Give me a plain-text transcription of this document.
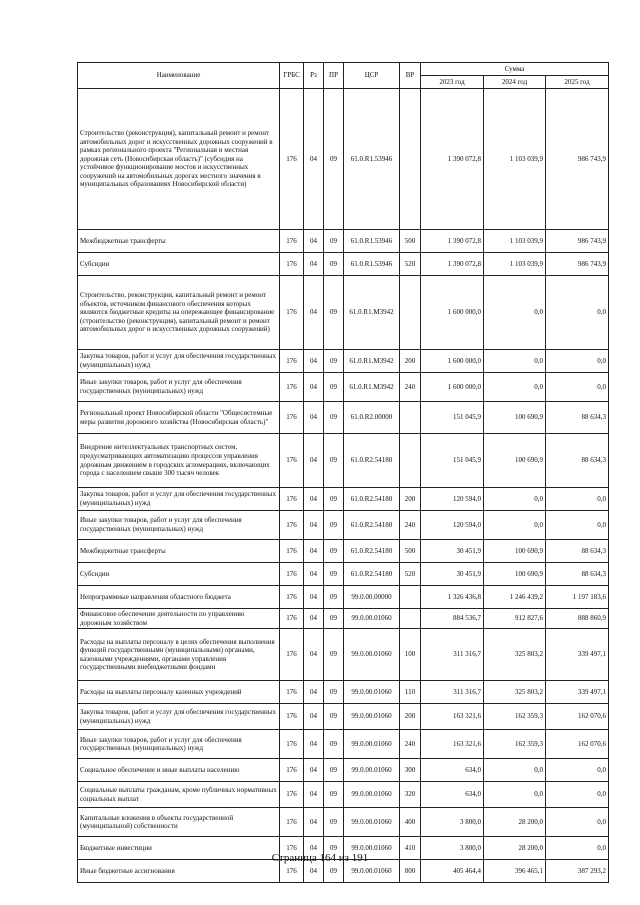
Наименование	ГРБС	Рз	ПР	ЦСР	ВР	Сумма		
						2023 год	2024 год	2025 год
Строительство (реконструкция), капитальный ремонт и ремонт автомобильных дорог и искусственных дорожных сооружений в рамках регионального проекта "Региональная и местная дорожная сеть (Новосибирская область)" (субсидия на устойчивое функционирование мостов и искусственных сооружений на автомобильных дорогах местного значения в муниципальных образованиях Новосибирской области)	176	04	09	61.0.R1.53946		1 390 072,8	1 103 039,9	986 743,9
Межбюджетные трансферты	176	04	09	61.0.R1.53946	500	1 390 072,8	1 103 039,9	986 743,9
Субсидии	176	04	09	61.0.R1.53946	520	1 390 072,8	1 103 039,9	986 743,9
Строительство, реконструкция, капитальный ремонт и ремонт объектов, источником финансового обеспечения которых являются бюджетные кредиты на опережающее финансирование (строительство (реконструкция), капитальный ремонт и ремонт автомобильных дорог и искусственных дорожных сооружений)	176	04	09	61.0.R1.M3942		1 600 000,0	0,0	0,0
Закупка товаров, работ и услуг для обеспечения государственных (муниципальных) нужд	176	04	09	61.0.R1.M3942	200	1 600 000,0	0,0	0,0
Иные закупки товаров, работ и услуг для обеспечения государственных (муниципальных) нужд	176	04	09	61.0.R1.M3942	240	1 600 000,0	0,0	0,0
Региональный проект Новосибирской области "Общесистемные меры развития дорожного хозяйства (Новосибирская область)"	176	04	09	61.0.R2.00000		151 045,9	100 690,9	88 634,3
Внедрение интеллектуальных транспортных систем, предусматривающих автоматизацию процессов управления дорожным движением в городских агломерациях, включающих города с населением свыше 300 тысяч человек	176	04	09	61.0.R2.54180		151 045,9	100 690,9	88 634,3
Закупка товаров, работ и услуг для обеспечения государственных (муниципальных) нужд	176	04	09	61.0.R2.54180	200	120 594,0	0,0	0,0
Иные закупки товаров, работ и услуг для обеспечения государственных (муниципальных) нужд	176	04	09	61.0.R2.54180	240	120 594,0	0,0	0,0
Межбюджетные трансферты	176	04	09	61.0.R2.54180	500	30 451,9	100 690,9	88 634,3
Субсидии	176	04	09	61.0.R2.54180	520	30 451,9	100 690,9	88 634,3
Непрограммные направления областного бюджета	176	04	09	99.0.00.00000		1 326 436,8	1 246 439,2	1 197 183,6
Финансовое обеспечение деятельности по управлению дорожным хозяйством	176	04	09	99.0.00.01060		884 536,7	912 827,6	888 860,9
Расходы на выплаты персоналу в целях обеспечения выполнения функций государственными (муниципальными) органами, казенными учреждениями, органами управления государственными внебюджетными фондами	176	04	09	99.0.00.01060	100	311 316,7	325 803,2	339 497,1
Расходы на выплаты персоналу казенных учреждений	176	04	09	99.0.00.01060	110	311 316,7	325 803,2	339 497,1
Закупка товаров, работ и услуг для обеспечения государственных (муниципальных) нужд	176	04	09	99.0.00.01060	200	163 321,6	162 359,3	162 070,6
Иные закупки товаров, работ и услуг для обеспечения государственных (муниципальных) нужд	176	04	09	99.0.00.01060	240	163 321,6	162 359,3	162 070,6
Социальное обеспечение и иные выплаты населению	176	04	09	99.0.00.01060	300	634,0	0,0	0,0
Социальные выплаты гражданам, кроме публичных нормативных социальных выплат	176	04	09	99.0.00.01060	320	634,0	0,0	0,0
Капитальные вложения в объекты государственной (муниципальной) собственности	176	04	09	99.0.00.01060	400	3 800,0	28 200,0	0,0
Бюджетные инвестиции	176	04	09	99.0.00.01060	410	3 800,0	28 200,0	0,0
Иные бюджетные ассигнования	176	04	09	99.0.00.01060	800	405 464,4	396 465,1	387 293,2
Страница 164 из 191
